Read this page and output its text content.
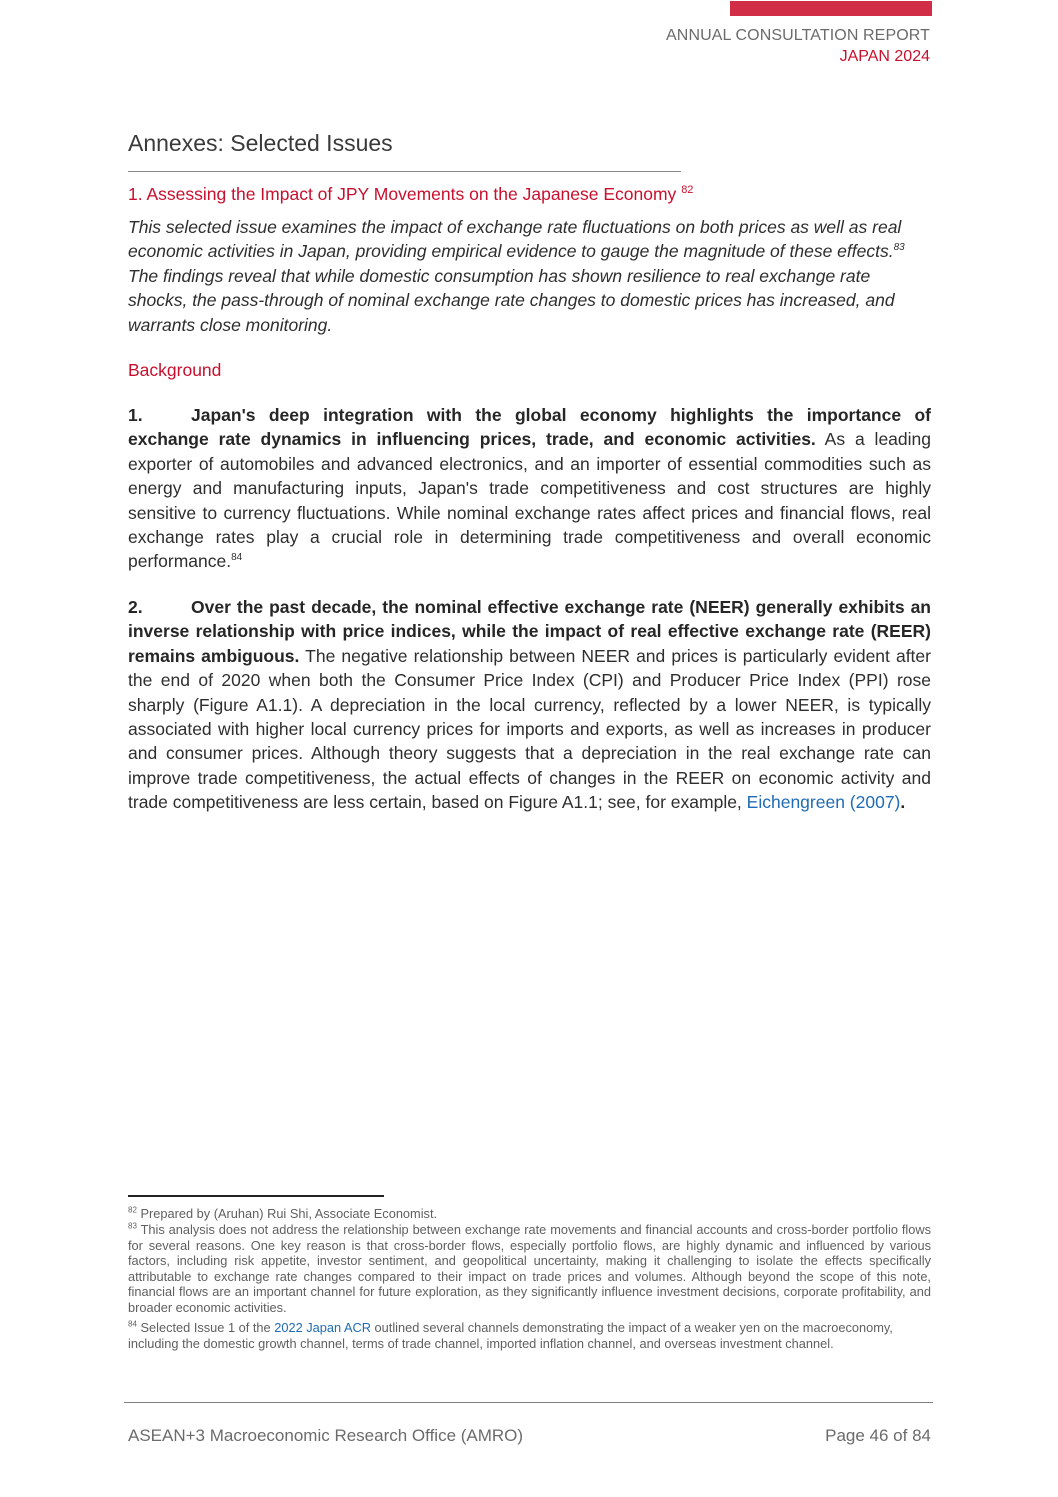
ANNUAL CONSULTATION REPORT
JAPAN 2024
Annexes: Selected Issues
1. Assessing the Impact of JPY Movements on the Japanese Economy $^{82}$
This selected issue examines the impact of exchange rate fluctuations on both prices as well as real economic activities in Japan, providing empirical evidence to gauge the magnitude of these effects.$^{83}$ The findings reveal that while domestic consumption has shown resilience to real exchange rate shocks, the pass-through of nominal exchange rate changes to domestic prices has increased, and warrants close monitoring.
Background
1.	Japan's deep integration with the global economy highlights the importance of exchange rate dynamics in influencing prices, trade, and economic activities. As a leading exporter of automobiles and advanced electronics, and an importer of essential commodities such as energy and manufacturing inputs, Japan's trade competitiveness and cost structures are highly sensitive to currency fluctuations. While nominal exchange rates affect prices and financial flows, real exchange rates play a crucial role in determining trade competitiveness and overall economic performance.$^{84}$
2.	Over the past decade, the nominal effective exchange rate (NEER) generally exhibits an inverse relationship with price indices, while the impact of real effective exchange rate (REER) remains ambiguous. The negative relationship between NEER and prices is particularly evident after the end of 2020 when both the Consumer Price Index (CPI) and Producer Price Index (PPI) rose sharply (Figure A1.1). A depreciation in the local currency, reflected by a lower NEER, is typically associated with higher local currency prices for imports and exports, as well as increases in producer and consumer prices. Although theory suggests that a depreciation in the real exchange rate can improve trade competitiveness, the actual effects of changes in the REER on economic activity and trade competitiveness are less certain, based on Figure A1.1; see, for example, Eichengreen (2007).
$^{82}$ Prepared by (Aruhan) Rui Shi, Associate Economist.
$^{83}$ This analysis does not address the relationship between exchange rate movements and financial accounts and cross-border portfolio flows for several reasons. One key reason is that cross-border flows, especially portfolio flows, are highly dynamic and influenced by various factors, including risk appetite, investor sentiment, and geopolitical uncertainty, making it challenging to isolate the effects specifically attributable to exchange rate changes compared to their impact on trade prices and volumes. Although beyond the scope of this note, financial flows are an important channel for future exploration, as they significantly influence investment decisions, corporate profitability, and broader economic activities.
$^{84}$ Selected Issue 1 of the 2022 Japan ACR outlined several channels demonstrating the impact of a weaker yen on the macroeconomy, including the domestic growth channel, terms of trade channel, imported inflation channel, and overseas investment channel.
ASEAN+3 Macroeconomic Research Office (AMRO)	Page 46 of 84
